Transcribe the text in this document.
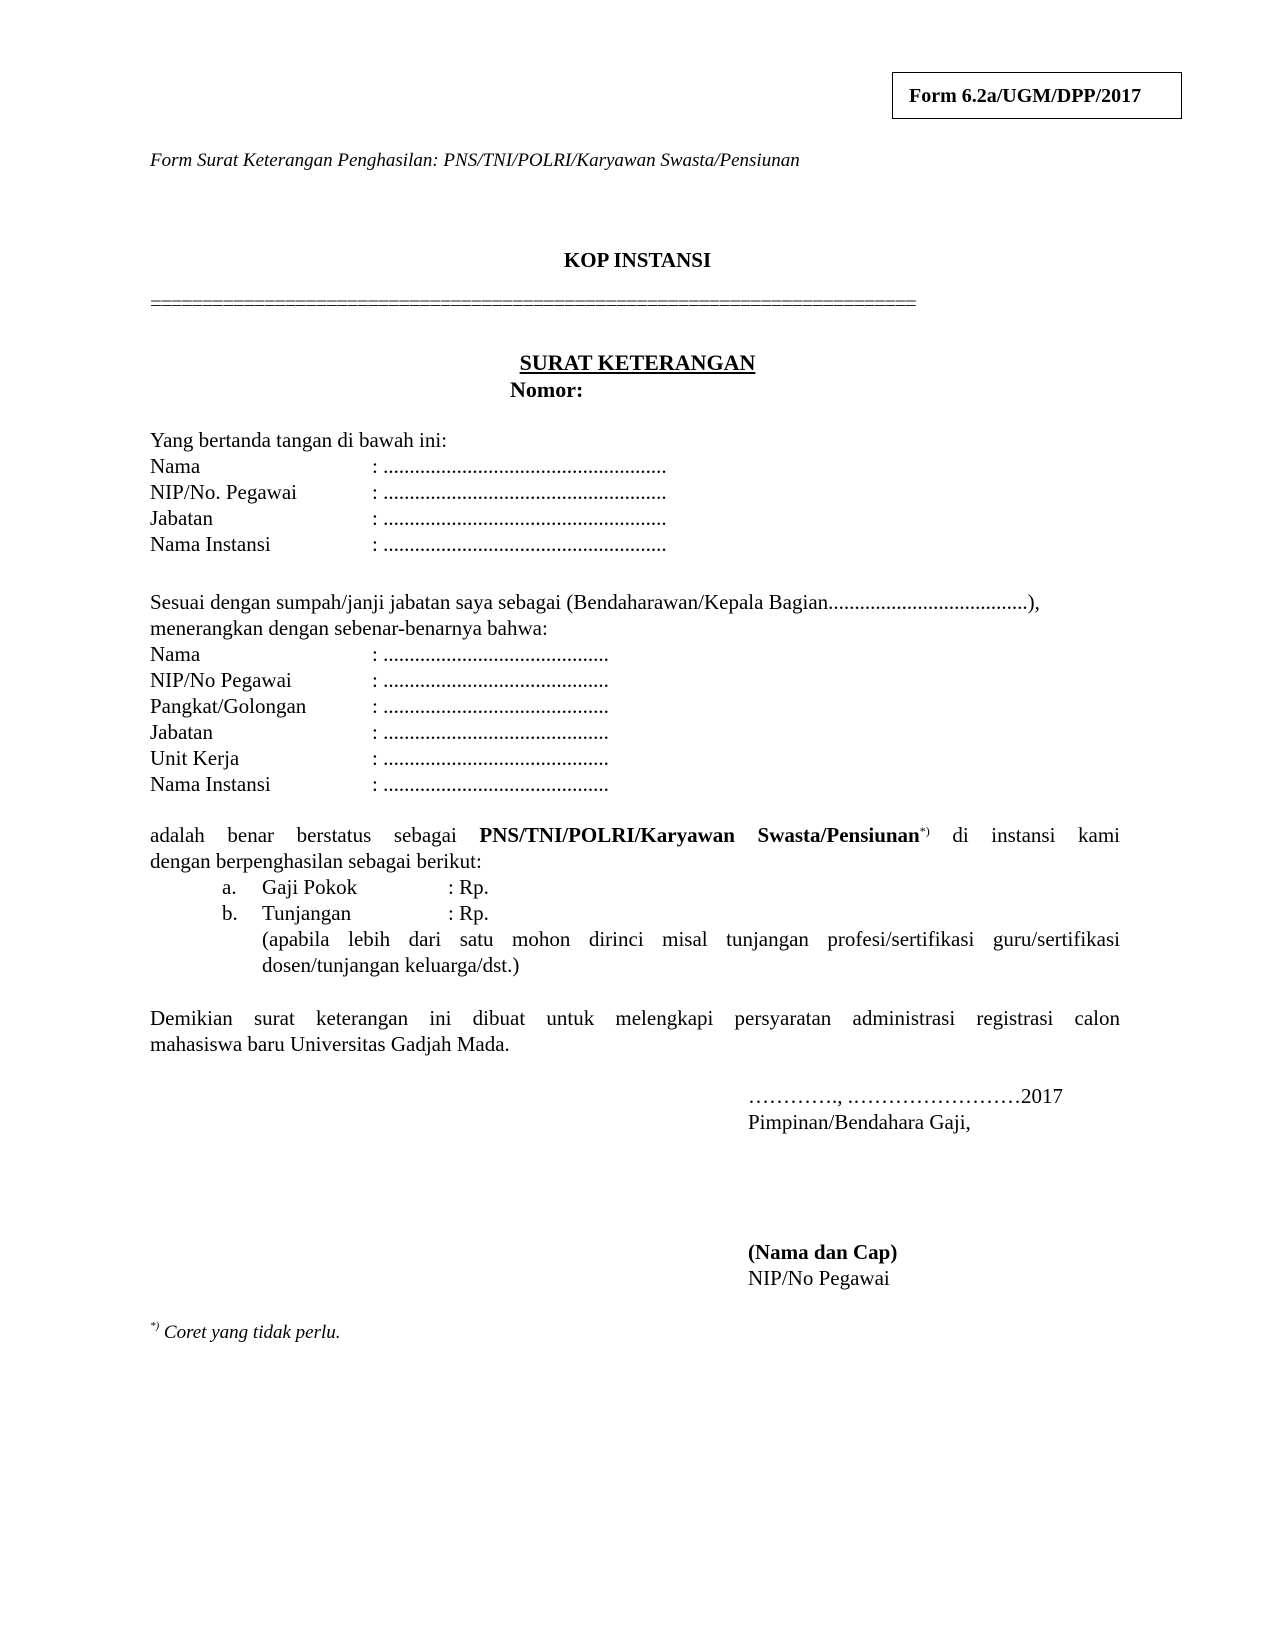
Form 6.2a/UGM/DPP/2017
Form Surat Keterangan Penghasilan: PNS/TNI/POLRI/Karyawan Swasta/Pensiunan
KOP INSTANSI
==========================================================================
SURAT KETERANGAN
Nomor:
Yang bertanda tangan di bawah ini:
Nama	: ......................................................
NIP/No. Pegawai	: ......................................................
Jabatan	: ......................................................
Nama Instansi	: ......................................................
Sesuai dengan sumpah/janji jabatan saya sebagai (Bendaharawan/Kepala Bagian......................................),
menerangkan dengan sebenar-benarnya bahwa:
Nama	: ...........................................
NIP/No Pegawai	: ...........................................
Pangkat/Golongan	: ...........................................
Jabatan	: ...........................................
Unit Kerja	: ...........................................
Nama Instansi	: ...........................................
adalah benar berstatus sebagai PNS/TNI/POLRI/Karyawan Swasta/Pensiunan*) di instansi kami
dengan berpenghasilan sebagai berikut:
a. Gaji Pokok	: Rp.
b. Tunjangan	: Rp.
(apabila lebih dari satu mohon dirinci misal tunjangan profesi/sertifikasi guru/sertifikasi
dosen/tunjangan keluarga/dst.)
Demikian surat keterangan ini dibuat untuk melengkapi persyaratan administrasi registrasi calon
mahasiswa baru Universitas Gadjah Mada.
…………., .……………………2017
Pimpinan/Bendahara Gaji,
(Nama dan Cap)
NIP/No Pegawai
*) Coret yang tidak perlu.
